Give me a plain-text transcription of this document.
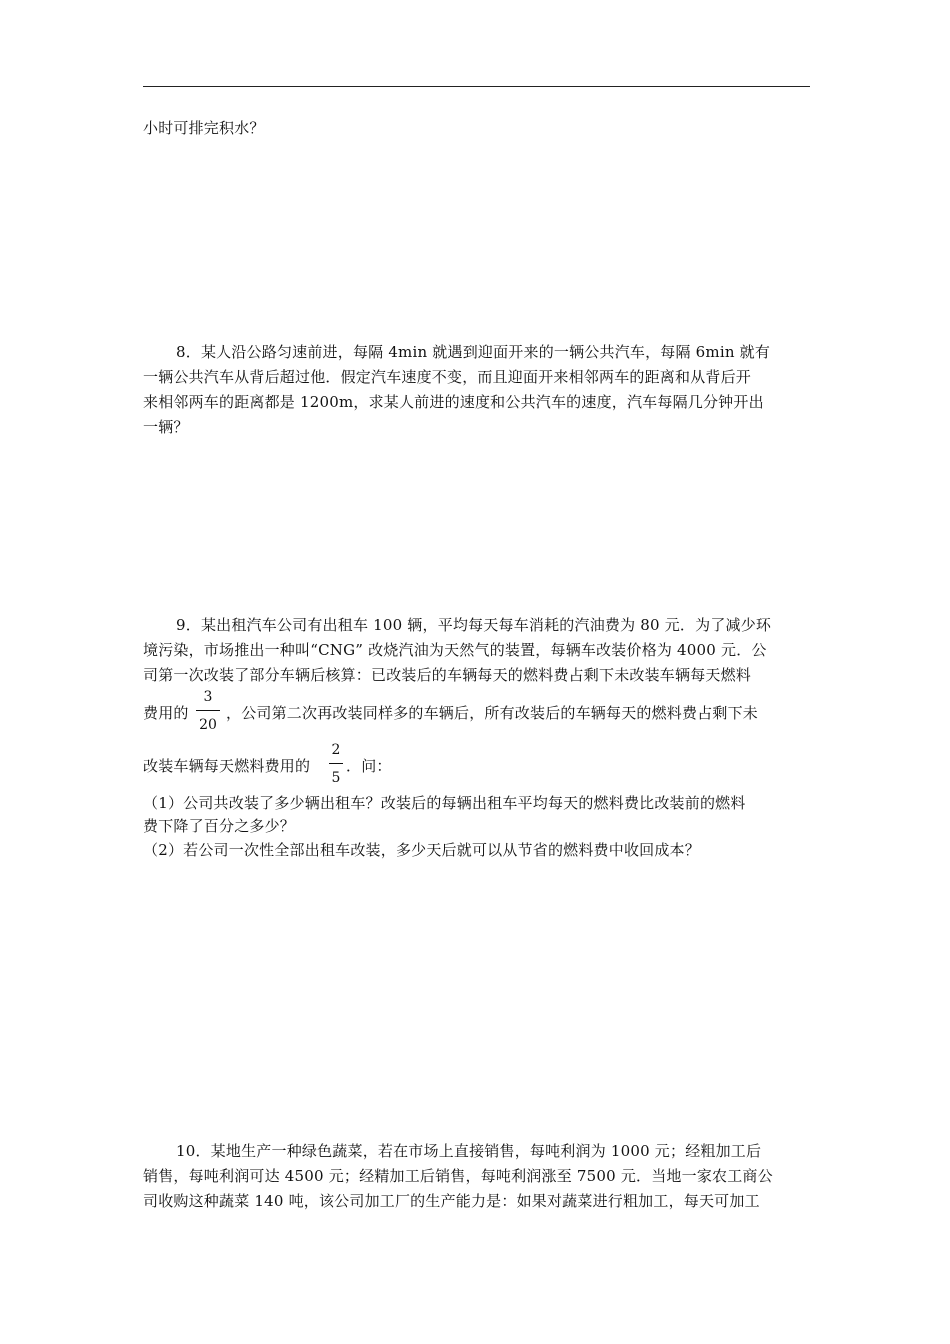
小时可排完积水？
8．某人沿公路匀速前进，每隔 4min 就遇到迎面开来的一辆公共汽车，每隔 6min 就有
一辆公共汽车从背后超过他．假定汽车速度不变，而且迎面开来相邻两车的距离和从背后开
来相邻两车的距离都是 1200m，求某人前进的速度和公共汽车的速度，汽车每隔几分钟开出
一辆？
9．某出租汽车公司有出租车 100 辆，平均每天每车消耗的汽油费为 80 元．为了减少环
境污染，市场推出一种叫“CNG” 改烧汽油为天然气的装置，每辆车改装价格为 4000 元．公
司第一次改装了部分车辆后核算：已改装后的车辆每天的燃料费占剩下未改装车辆每天燃料
费用的
3
20
，公司第二次再改装同样多的车辆后，所有改装后的车辆每天的燃料费占剩下未
改装车辆每天燃料费用的
2
5
．问：
（1）公司共改装了多少辆出租车？改装后的每辆出租车平均每天的燃料费比改装前的燃料
费下降了百分之多少？
（2）若公司一次性全部出租车改装，多少天后就可以从节省的燃料费中收回成本？
10．某地生产一种绿色蔬菜，若在市场上直接销售，每吨利润为 1000 元；经粗加工后
销售，每吨利润可达 4500 元；经精加工后销售，每吨利润涨至 7500 元．当地一家农工商公
司收购这种蔬菜 140 吨，该公司加工厂的生产能力是：如果对蔬菜进行粗加工，每天可加工
